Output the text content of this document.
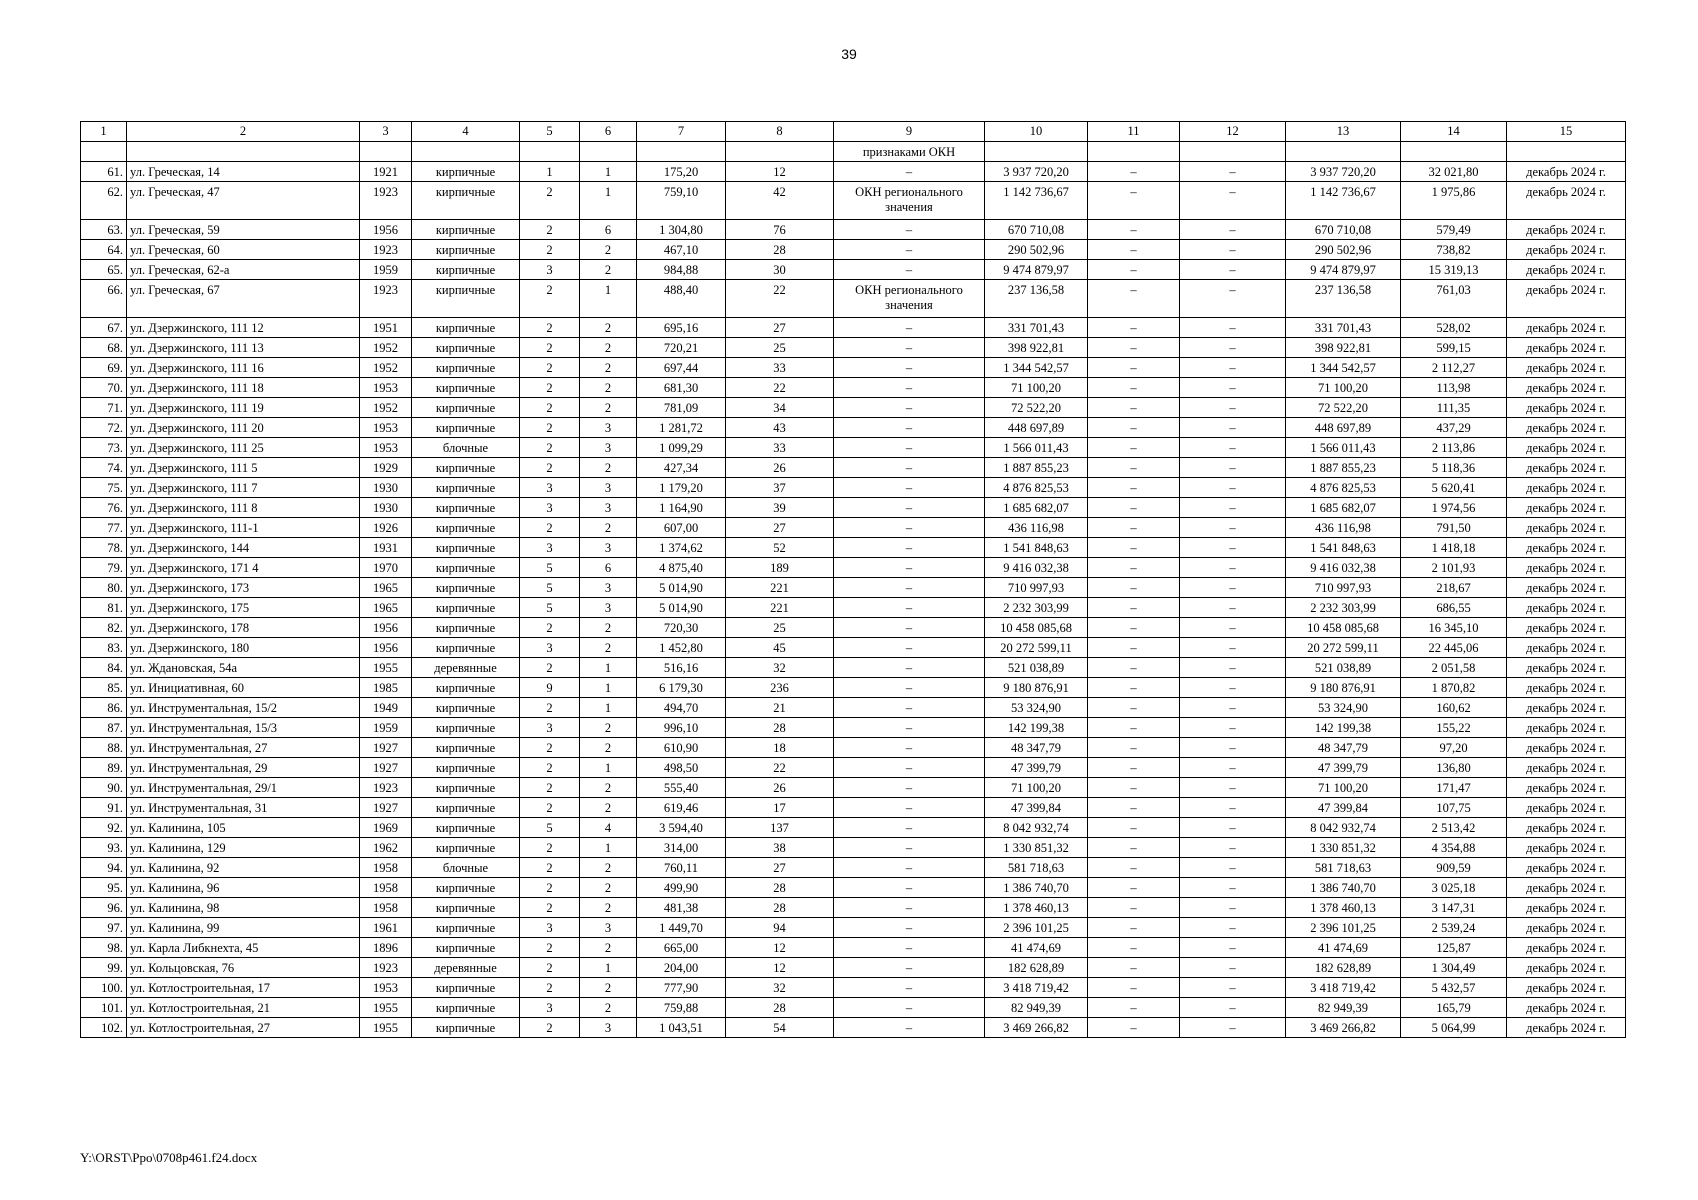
39
1	2	3	4	5	6	7	8	9	10	11	12	13	14	15
								признаками ОКН						
61.	ул. Греческая, 14	1921	кирпичные	1	1	175,20	12	–	3 937 720,20	–	–	3 937 720,20	32 021,80	декабрь 2024 г.
62.	ул. Греческая, 47	1923	кирпичные	2	1	759,10	42	ОКН регионального значения	1 142 736,67	–	–	1 142 736,67	1 975,86	декабрь 2024 г.
63.	ул. Греческая, 59	1956	кирпичные	2	6	1 304,80	76	–	670 710,08	–	–	670 710,08	579,49	декабрь 2024 г.
64.	ул. Греческая, 60	1923	кирпичные	2	2	467,10	28	–	290 502,96	–	–	290 502,96	738,82	декабрь 2024 г.
65.	ул. Греческая, 62-а	1959	кирпичные	3	2	984,88	30	–	9 474 879,97	–	–	9 474 879,97	15 319,13	декабрь 2024 г.
66.	ул. Греческая, 67	1923	кирпичные	2	1	488,40	22	ОКН регионального значения	237 136,58	–	–	237 136,58	761,03	декабрь 2024 г.
67.	ул. Дзержинского, 111 12	1951	кирпичные	2	2	695,16	27	–	331 701,43	–	–	331 701,43	528,02	декабрь 2024 г.
68.	ул. Дзержинского, 111 13	1952	кирпичные	2	2	720,21	25	–	398 922,81	–	–	398 922,81	599,15	декабрь 2024 г.
69.	ул. Дзержинского, 111 16	1952	кирпичные	2	2	697,44	33	–	1 344 542,57	–	–	1 344 542,57	2 112,27	декабрь 2024 г.
70.	ул. Дзержинского, 111 18	1953	кирпичные	2	2	681,30	22	–	71 100,20	–	–	71 100,20	113,98	декабрь 2024 г.
71.	ул. Дзержинского, 111 19	1952	кирпичные	2	2	781,09	34	–	72 522,20	–	–	72 522,20	111,35	декабрь 2024 г.
72.	ул. Дзержинского, 111 20	1953	кирпичные	2	3	1 281,72	43	–	448 697,89	–	–	448 697,89	437,29	декабрь 2024 г.
73.	ул. Дзержинского, 111 25	1953	блочные	2	3	1 099,29	33	–	1 566 011,43	–	–	1 566 011,43	2 113,86	декабрь 2024 г.
74.	ул. Дзержинского, 111 5	1929	кирпичные	2	2	427,34	26	–	1 887 855,23	–	–	1 887 855,23	5 118,36	декабрь 2024 г.
75.	ул. Дзержинского, 111 7	1930	кирпичные	3	3	1 179,20	37	–	4 876 825,53	–	–	4 876 825,53	5 620,41	декабрь 2024 г.
76.	ул. Дзержинского, 111 8	1930	кирпичные	3	3	1 164,90	39	–	1 685 682,07	–	–	1 685 682,07	1 974,56	декабрь 2024 г.
77.	ул. Дзержинского, 111-1	1926	кирпичные	2	2	607,00	27	–	436 116,98	–	–	436 116,98	791,50	декабрь 2024 г.
78.	ул. Дзержинского, 144	1931	кирпичные	3	3	1 374,62	52	–	1 541 848,63	–	–	1 541 848,63	1 418,18	декабрь 2024 г.
79.	ул. Дзержинского, 171 4	1970	кирпичные	5	6	4 875,40	189	–	9 416 032,38	–	–	9 416 032,38	2 101,93	декабрь 2024 г.
80.	ул. Дзержинского, 173	1965	кирпичные	5	3	5 014,90	221	–	710 997,93	–	–	710 997,93	218,67	декабрь 2024 г.
81.	ул. Дзержинского, 175	1965	кирпичные	5	3	5 014,90	221	–	2 232 303,99	–	–	2 232 303,99	686,55	декабрь 2024 г.
82.	ул. Дзержинского, 178	1956	кирпичные	2	2	720,30	25	–	10 458 085,68	–	–	10 458 085,68	16 345,10	декабрь 2024 г.
83.	ул. Дзержинского, 180	1956	кирпичные	3	2	1 452,80	45	–	20 272 599,11	–	–	20 272 599,11	22 445,06	декабрь 2024 г.
84.	ул. Ждановская, 54а	1955	деревянные	2	1	516,16	32	–	521 038,89	–	–	521 038,89	2 051,58	декабрь 2024 г.
85.	ул. Инициативная, 60	1985	кирпичные	9	1	6 179,30	236	–	9 180 876,91	–	–	9 180 876,91	1 870,82	декабрь 2024 г.
86.	ул. Инструментальная, 15/2	1949	кирпичные	2	1	494,70	21	–	53 324,90	–	–	53 324,90	160,62	декабрь 2024 г.
87.	ул. Инструментальная, 15/3	1959	кирпичные	3	2	996,10	28	–	142 199,38	–	–	142 199,38	155,22	декабрь 2024 г.
88.	ул. Инструментальная, 27	1927	кирпичные	2	2	610,90	18	–	48 347,79	–	–	48 347,79	97,20	декабрь 2024 г.
89.	ул. Инструментальная, 29	1927	кирпичные	2	1	498,50	22	–	47 399,79	–	–	47 399,79	136,80	декабрь 2024 г.
90.	ул. Инструментальная, 29/1	1923	кирпичные	2	2	555,40	26	–	71 100,20	–	–	71 100,20	171,47	декабрь 2024 г.
91.	ул. Инструментальная, 31	1927	кирпичные	2	2	619,46	17	–	47 399,84	–	–	47 399,84	107,75	декабрь 2024 г.
92.	ул. Калинина, 105	1969	кирпичные	5	4	3 594,40	137	–	8 042 932,74	–	–	8 042 932,74	2 513,42	декабрь 2024 г.
93.	ул. Калинина, 129	1962	кирпичные	2	1	314,00	38	–	1 330 851,32	–	–	1 330 851,32	4 354,88	декабрь 2024 г.
94.	ул. Калинина, 92	1958	блочные	2	2	760,11	27	–	581 718,63	–	–	581 718,63	909,59	декабрь 2024 г.
95.	ул. Калинина, 96	1958	кирпичные	2	2	499,90	28	–	1 386 740,70	–	–	1 386 740,70	3 025,18	декабрь 2024 г.
96.	ул. Калинина, 98	1958	кирпичные	2	2	481,38	28	–	1 378 460,13	–	–	1 378 460,13	3 147,31	декабрь 2024 г.
97.	ул. Калинина, 99	1961	кирпичные	3	3	1 449,70	94	–	2 396 101,25	–	–	2 396 101,25	2 539,24	декабрь 2024 г.
98.	ул. Карла Либкнехта, 45	1896	кирпичные	2	2	665,00	12	–	41 474,69	–	–	41 474,69	125,87	декабрь 2024 г.
99.	ул. Кольцовская, 76	1923	деревянные	2	1	204,00	12	–	182 628,89	–	–	182 628,89	1 304,49	декабрь 2024 г.
100.	ул. Котлостроительная, 17	1953	кирпичные	2	2	777,90	32	–	3 418 719,42	–	–	3 418 719,42	5 432,57	декабрь 2024 г.
101.	ул. Котлостроительная, 21	1955	кирпичные	3	2	759,88	28	–	82 949,39	–	–	82 949,39	165,79	декабрь 2024 г.
102.	ул. Котлостроительная, 27	1955	кирпичные	2	3	1 043,51	54	–	3 469 266,82	–	–	3 469 266,82	5 064,99	декабрь 2024 г.
Y:\ORST\Ppo\0708p461.f24.docx
